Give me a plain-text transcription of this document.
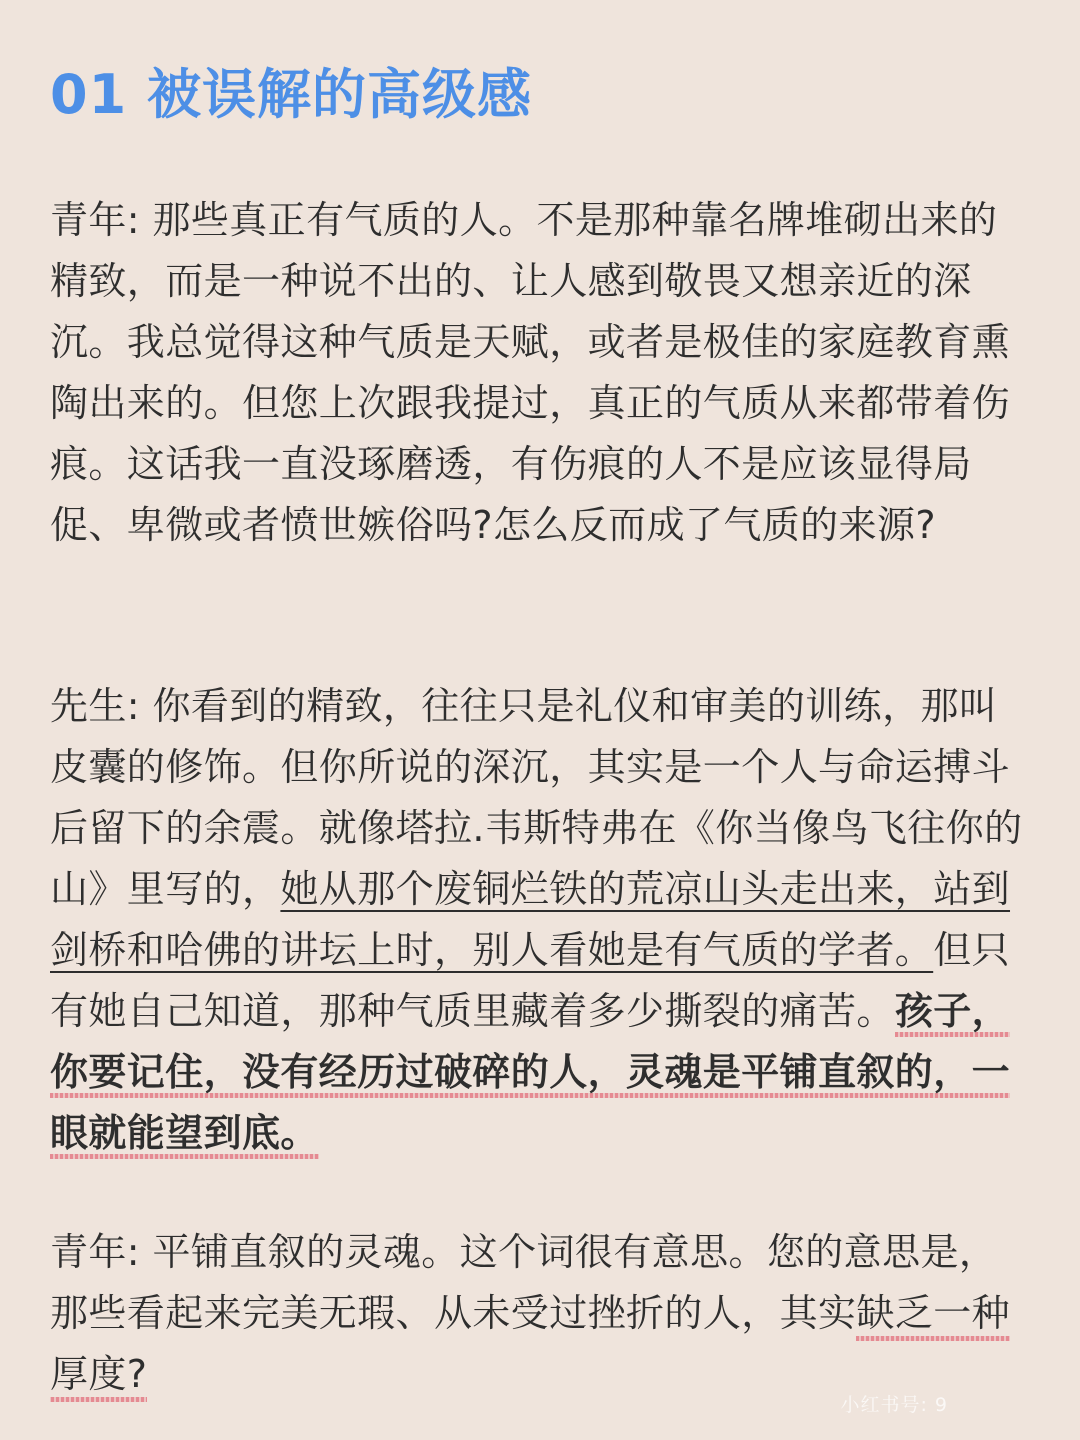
01 被误解的高级感

青年: 那些真正有气质的人。不是那种靠名牌堆砌出来的精致，而是一种说不出的、让人感到敬畏又想亲近的深沉。我总觉得这种气质是天赋，或者是极佳的家庭教育熏陶出来的。但您上次跟我提过，真正的气质从来都带着伤痕。这话我一直没琢磨透，有伤痕的人不是应该显得局促、卑微或者愤世嫉俗吗?怎么反而成了气质的来源?

先生: 你看到的精致，往往只是礼仪和审美的训练，那叫皮囊的修饰。但你所说的深沉，其实是一个人与命运搏斗后留下的余震。就像塔拉.韦斯特弗在《你当像鸟飞往你的山》里写的，她从那个废铜烂铁的荒凉山头走出来，站到剑桥和哈佛的讲坛上时，别人看她是有气质的学者。但只有她自己知道，那种气质里藏着多少撕裂的痛苦。孩子，你要记住，没有经历过破碎的人，灵魂是平铺直叙的，一眼就能望到底。

青年: 平铺直叙的灵魂。这个词很有意思。您的意思是，那些看起来完美无瑕、从未受过挫折的人，其实缺乏一种厚度?

小红书号: 9
